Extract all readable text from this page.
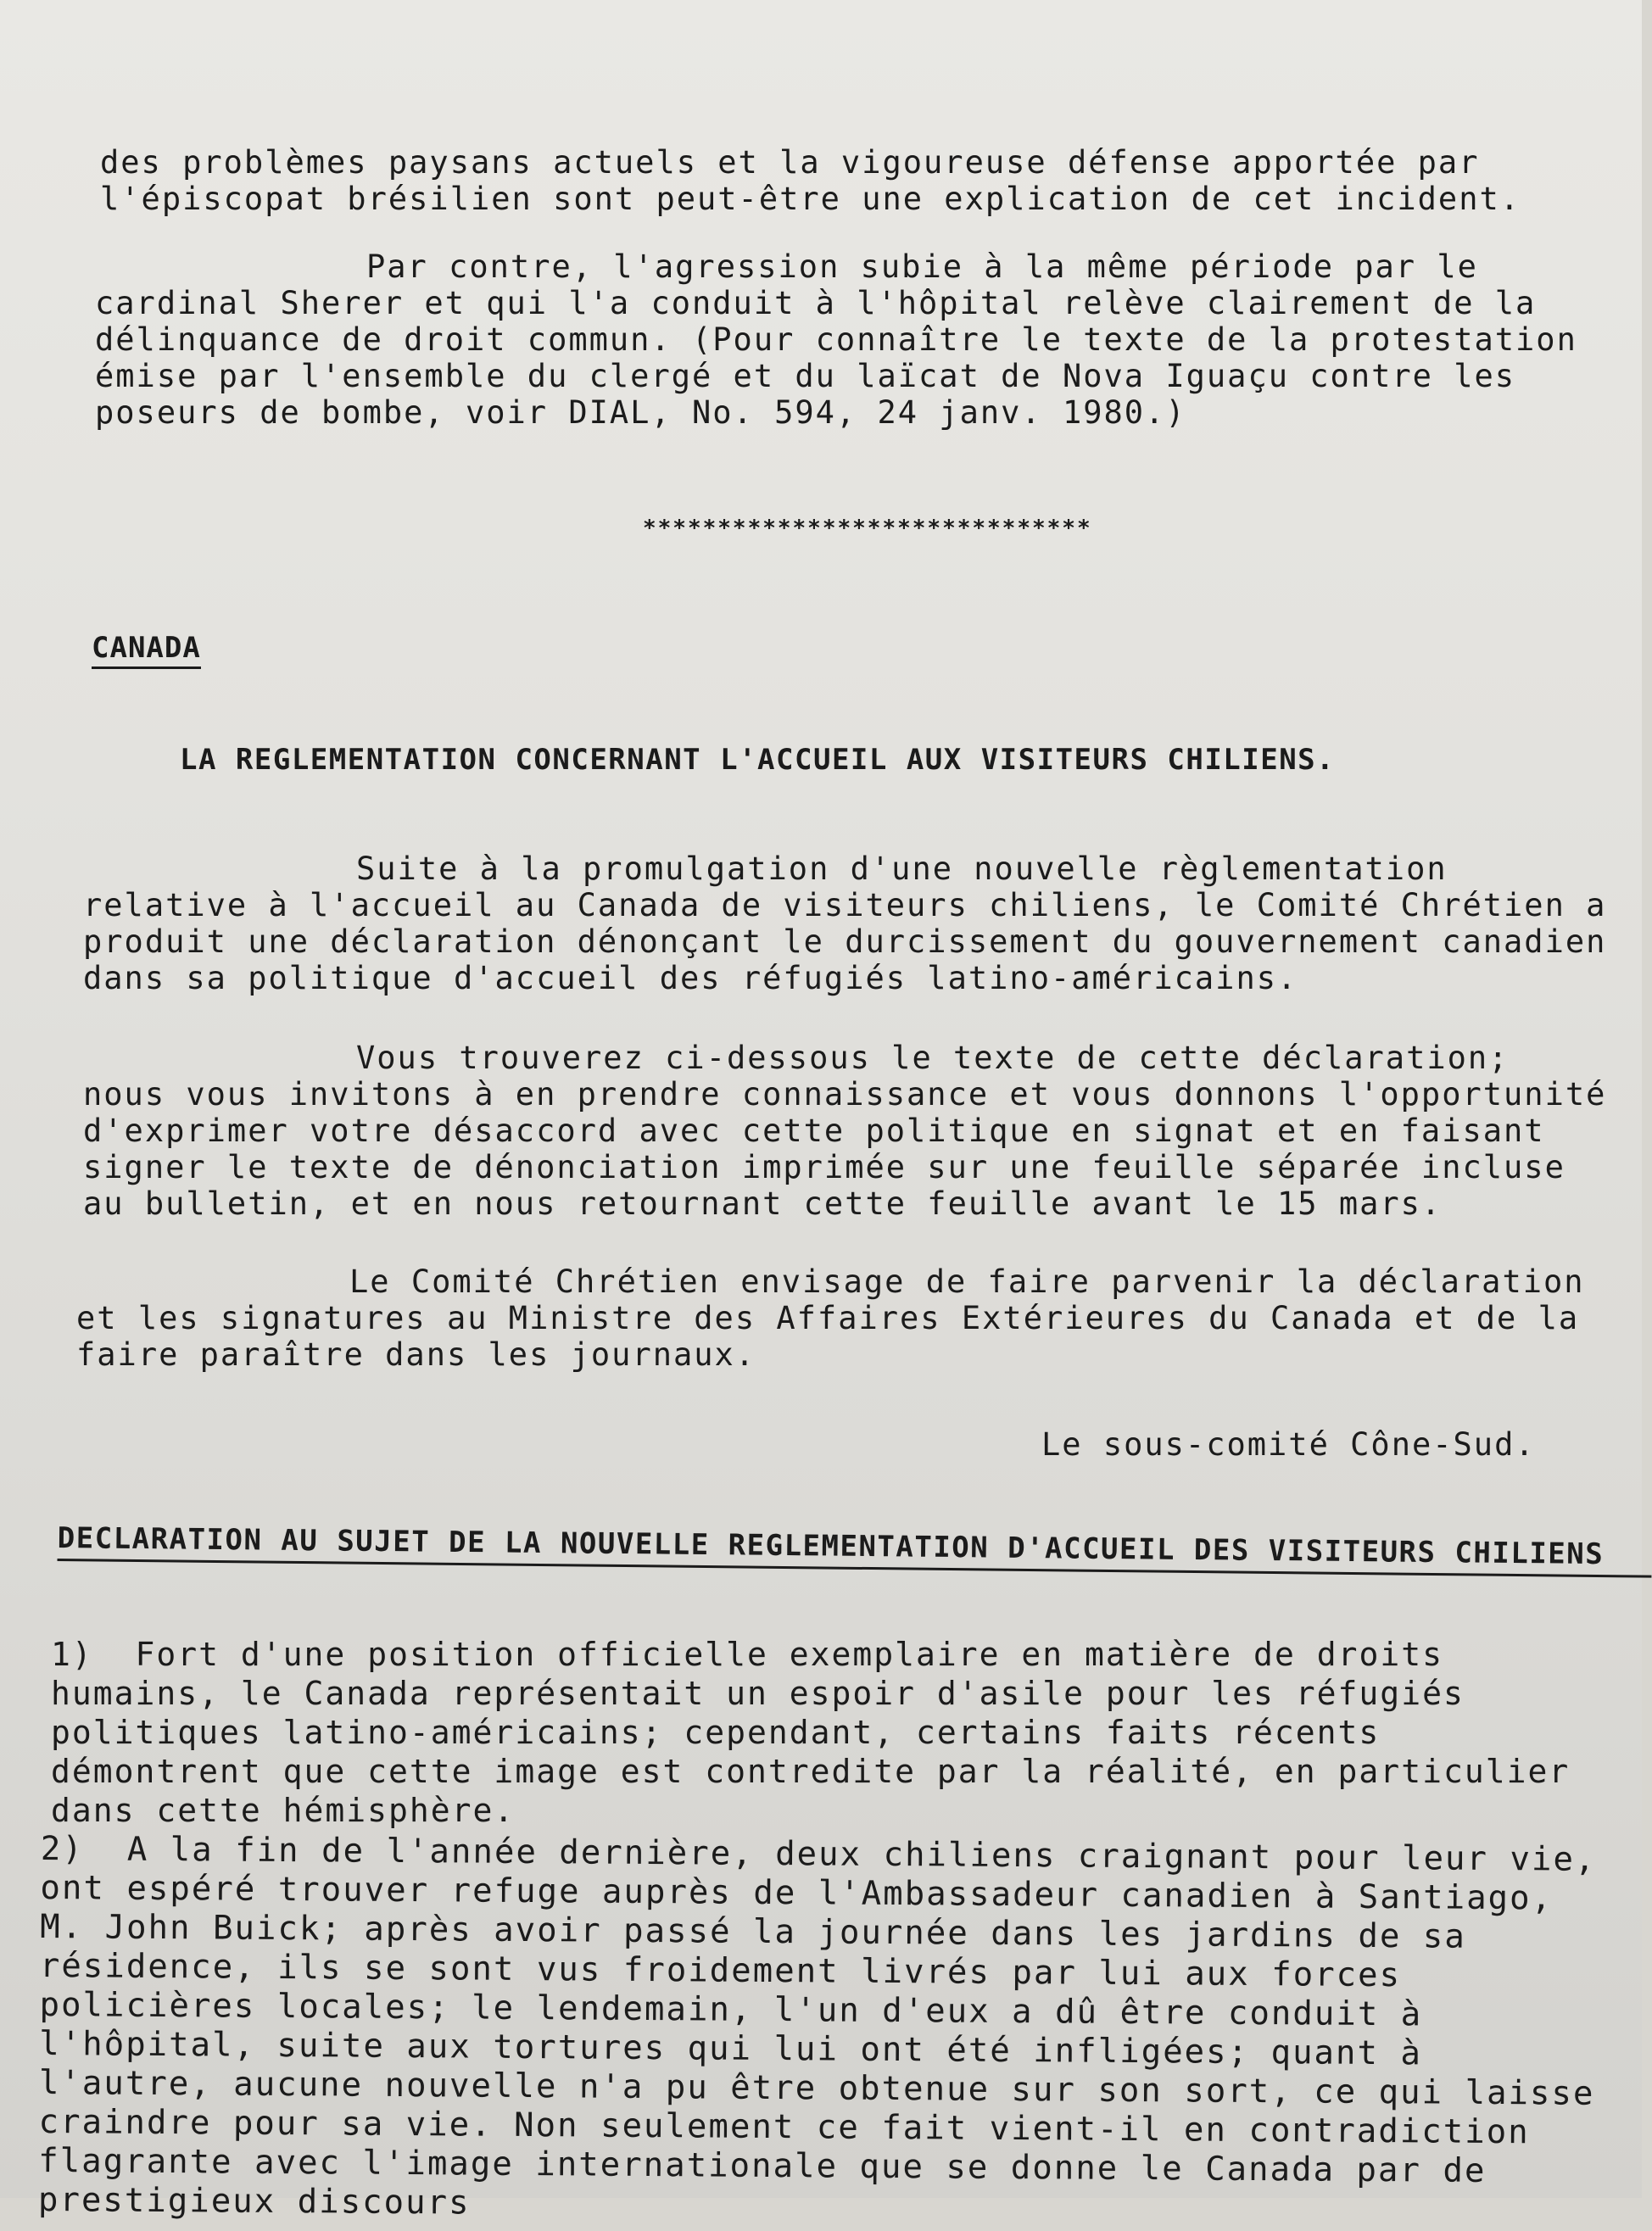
des problèmes paysans actuels et la vigoureuse défense apportée par l'épiscopat brésilien sont peut-être une explication de cet incident.

Par contre, l'agression subie à la même période par le cardinal Sherer et qui l'a conduit à l'hôpital relève clairement de la délinquance de droit commun. (Pour connaître le texte de la protestation émise par l'ensemble du clergé et du laïcat de Nova Iguaçu contre les poseurs de bombe, voir DIAL, No. 594, 24 janv. 1980.)

******************************
CANADA
LA REGLEMENTATION CONCERNANT L'ACCUEIL AUX VISITEURS CHILIENS.

Suite à la promulgation d'une nouvelle règlementation relative à l'accueil au Canada de visiteurs chiliens, le Comité Chrétien a produit une déclaration dénonçant le durcissement du gouvernement canadien dans sa politique d'accueil des réfugiés latino-américains.

Vous trouverez ci-dessous le texte de cette déclaration; nous vous invitons à en prendre connaissance et vous donnons l'opportunité d'exprimer votre désaccord avec cette politique en signat et en faisant signer le texte de dénonciation imprimée sur une feuille séparée incluse au bulletin, et en nous retournant cette feuille avant le 15 mars.

Le Comité Chrétien envisage de faire parvenir la déclaration et les signatures au Ministre des Affaires Extérieures du Canada et de la faire paraître dans les journaux.

Le sous-comité Cône-Sud.
DECLARATION AU SUJET DE LA NOUVELLE REGLEMENTATION D'ACCUEIL DES VISITEURS CHILIENS

1) Fort d'une position officielle exemplaire en matière de droits humains, le Canada représentait un espoir d'asile pour les réfugiés politiques latino-américains; cependant, certains faits récents démontrent que cette image est contredite par la réalité, en particulier dans cette hémisphère.

2) A la fin de l'année dernière, deux chiliens craignant pour leur vie, ont espéré trouver refuge auprès de l'Ambassadeur canadien à Santiago, M. John Buick; après avoir passé la journée dans les jardins de sa résidence, ils se sont vus froidement livrés par lui aux forces policières locales; le lendemain, l'un d'eux a dû être conduit à l'hôpital, suite aux tortures qui lui ont été infligées; quant à l'autre, aucune nouvelle n'a pu être obtenue sur son sort, ce qui laisse craindre pour sa vie. Non seulement ce fait vient-il en contradiction flagrante avec l'image internationale que se donne le Canada par de prestigieux discours
